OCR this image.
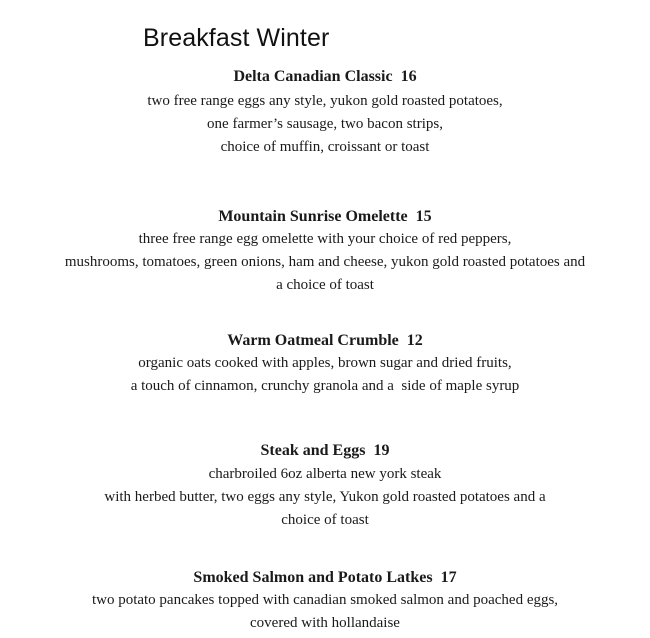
Breakfast Winter
Delta Canadian Classic  16
two free range eggs any style, yukon gold roasted potatoes,
one farmer’s sausage, two bacon strips,
choice of muffin, croissant or toast
Mountain Sunrise Omelette  15
three free range egg omelette with your choice of red peppers,
mushrooms, tomatoes, green onions, ham and cheese, yukon gold roasted potatoes and
a choice of toast
Warm Oatmeal Crumble  12
organic oats cooked with apples, brown sugar and dried fruits,
a touch of cinnamon, crunchy granola and a  side of maple syrup
Steak and Eggs  19
charbroiled 6oz alberta new york steak
with herbed butter, two eggs any style, Yukon gold roasted potatoes and a
choice of toast
Smoked Salmon and Potato Latkes  17
two potato pancakes topped with canadian smoked salmon and poached eggs,
covered with hollandaise
